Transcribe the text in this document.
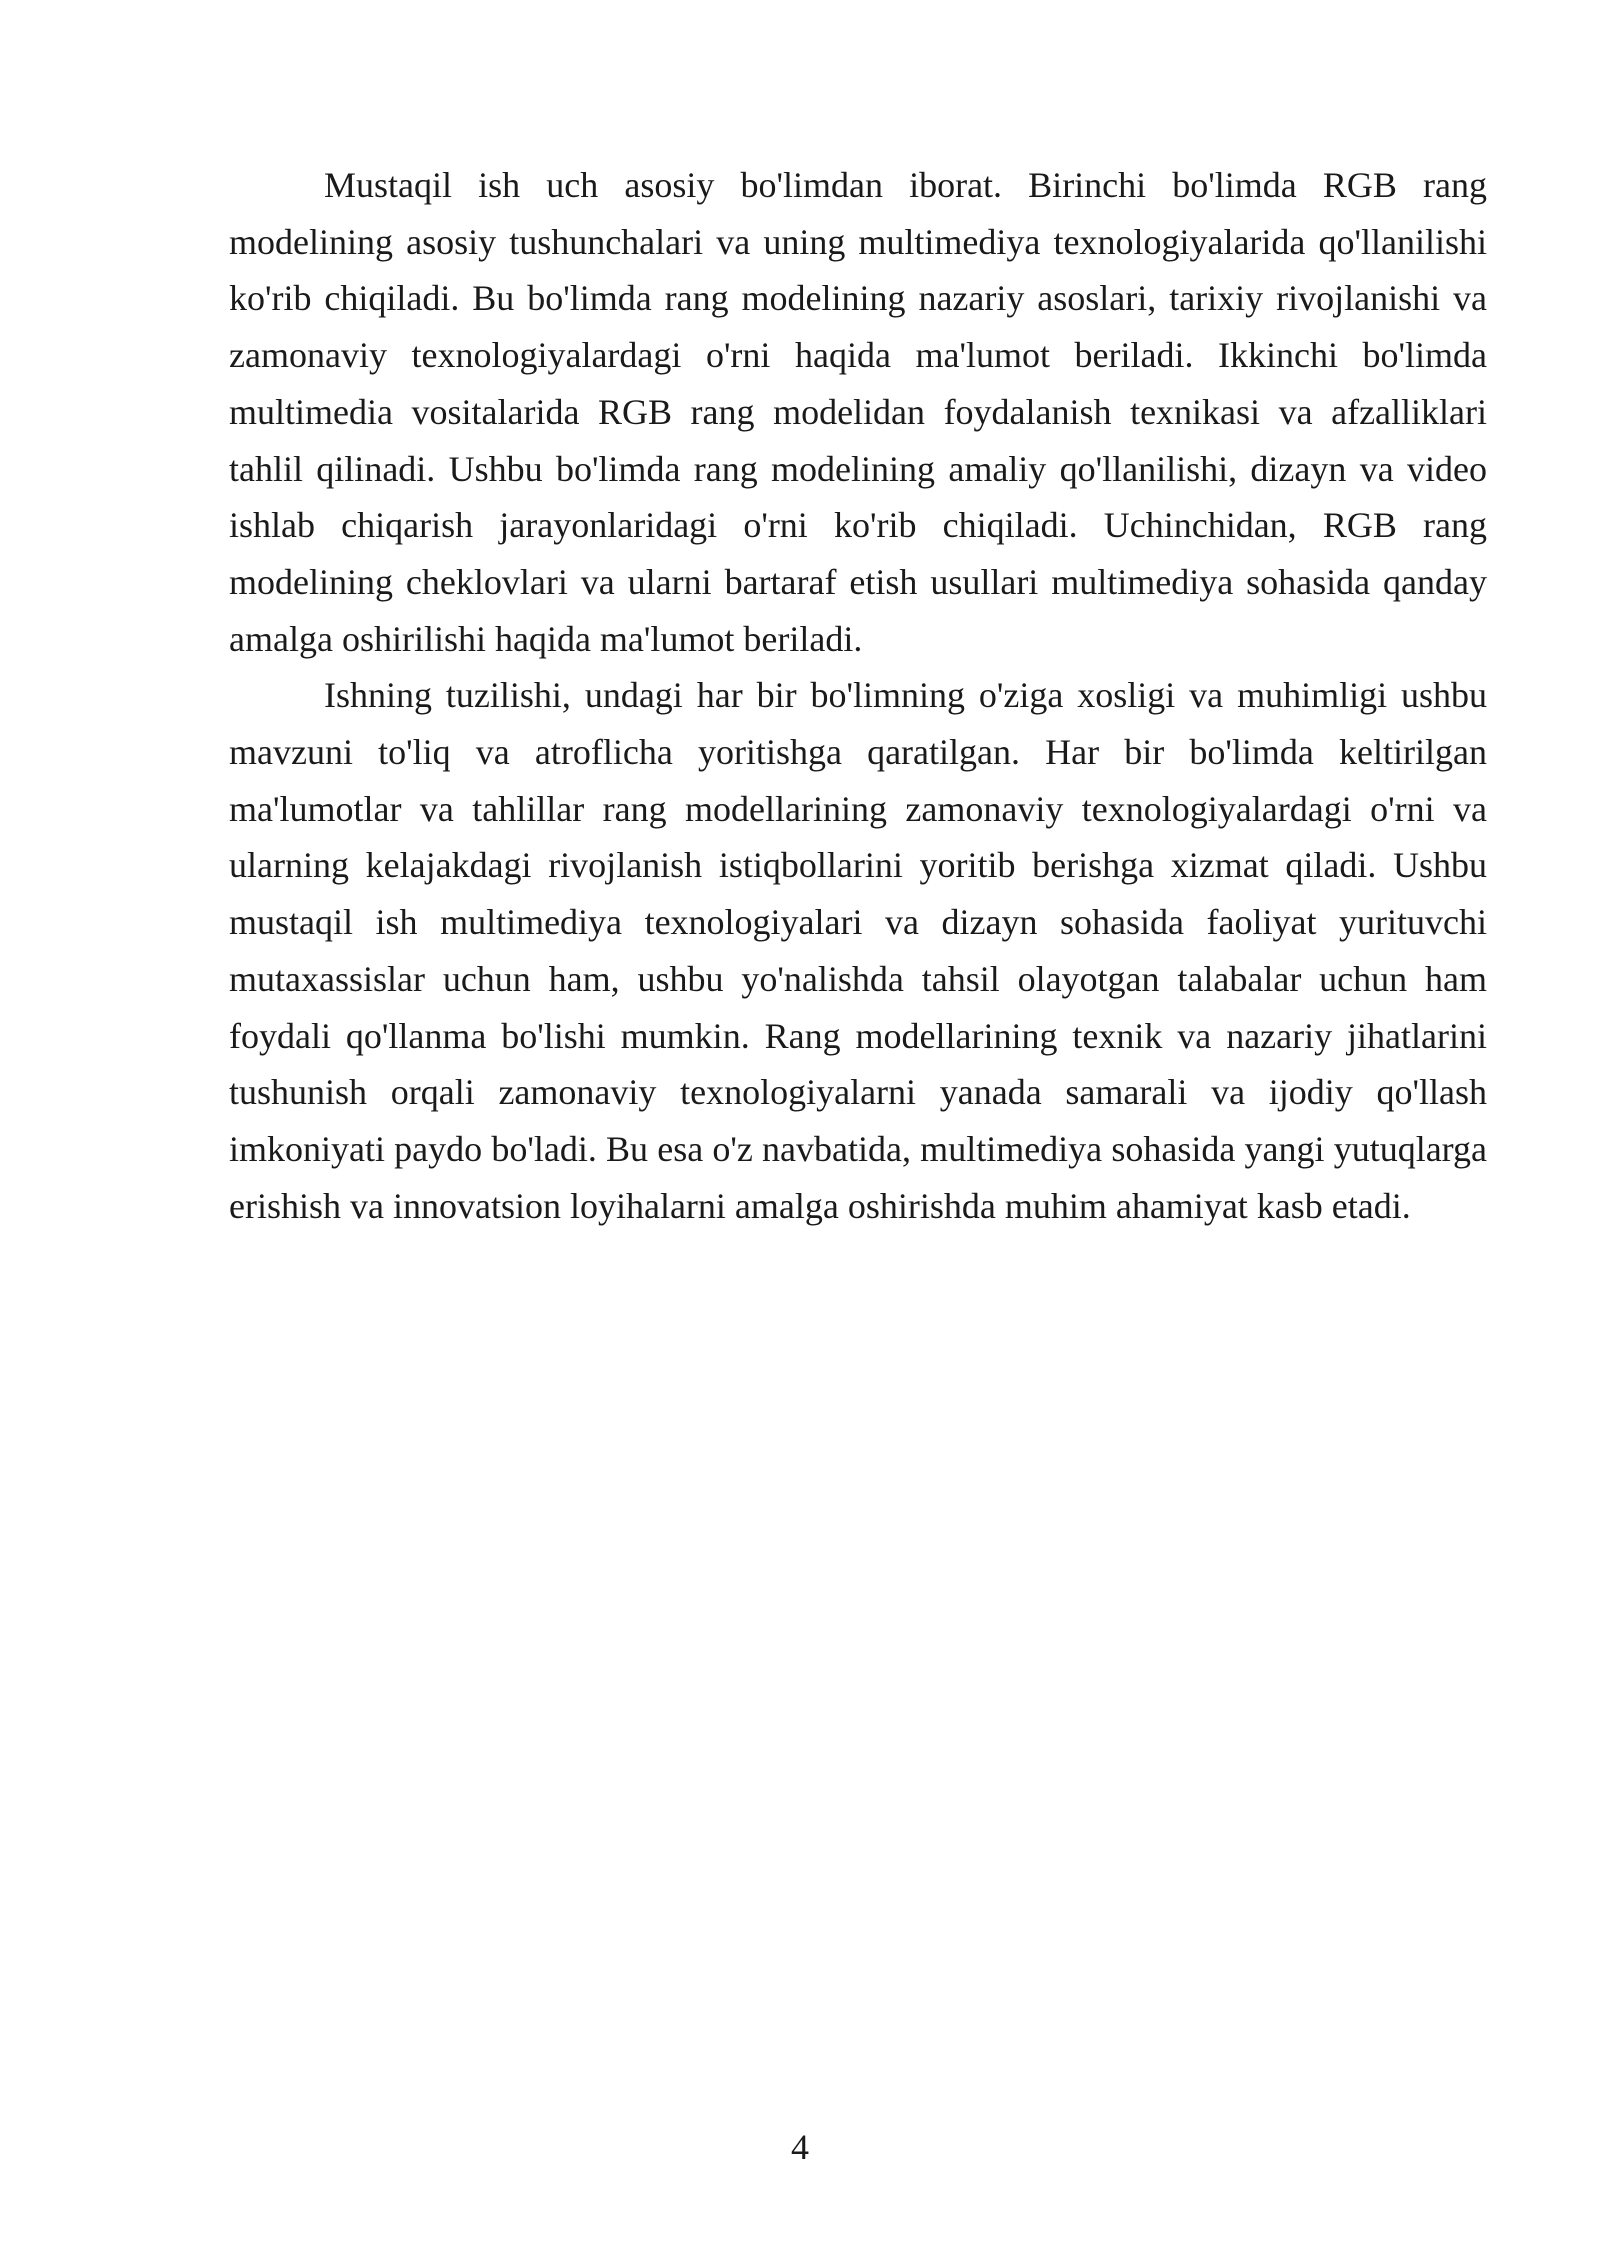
Mustaqil ish uch asosiy bo'limdan iborat. Birinchi bo'limda RGB rang modelining asosiy tushunchalari va uning multimediya texnologiyalarida qo'llanilishi ko'rib chiqiladi. Bu bo'limda rang modelining nazariy asoslari, tarixiy rivojlanishi va zamonaviy texnologiyalardagi o'rni haqida ma'lumot beriladi. Ikkinchi bo'limda multimedia vositalarida RGB rang modelidan foydalanish texnikasi va afzalliklari tahlil qilinadi. Ushbu bo'limda rang modelining amaliy qo'llanilishi, dizayn va video ishlab chiqarish jarayonlaridagi o'rni ko'rib chiqiladi. Uchinchidan, RGB rang modelining cheklovlari va ularni bartaraf etish usullari multimediya sohasida qanday amalga oshirilishi haqida ma'lumot beriladi.

Ishning tuzilishi, undagi har bir bo'limning o'ziga xosligi va muhimligi ushbu mavzuni to'liq va atroflicha yoritishga qaratilgan. Har bir bo'limda keltirilgan ma'lumotlar va tahlillar rang modellarining zamonaviy texnologiyalardagi o'rni va ularning kelajakdagi rivojlanish istiqbollarini yoritib berishga xizmat qiladi. Ushbu mustaqil ish multimediya texnologiyalari va dizayn sohasida faoliyat yurituvchi mutaxassislar uchun ham, ushbu yo'nalishda tahsil olayotgan talabalar uchun ham foydali qo'llanma bo'lishi mumkin. Rang modellarining texnik va nazariy jihatlarini tushunish orqali zamonaviy texnologiyalarni yanada samarali va ijodiy qo'llash imkoniyati paydo bo'ladi. Bu esa o'z navbatida, multimediya sohasida yangi yutuqlarga erishish va innovatsion loyihalarni amalga oshirishda muhim ahamiyat kasb etadi.

4
